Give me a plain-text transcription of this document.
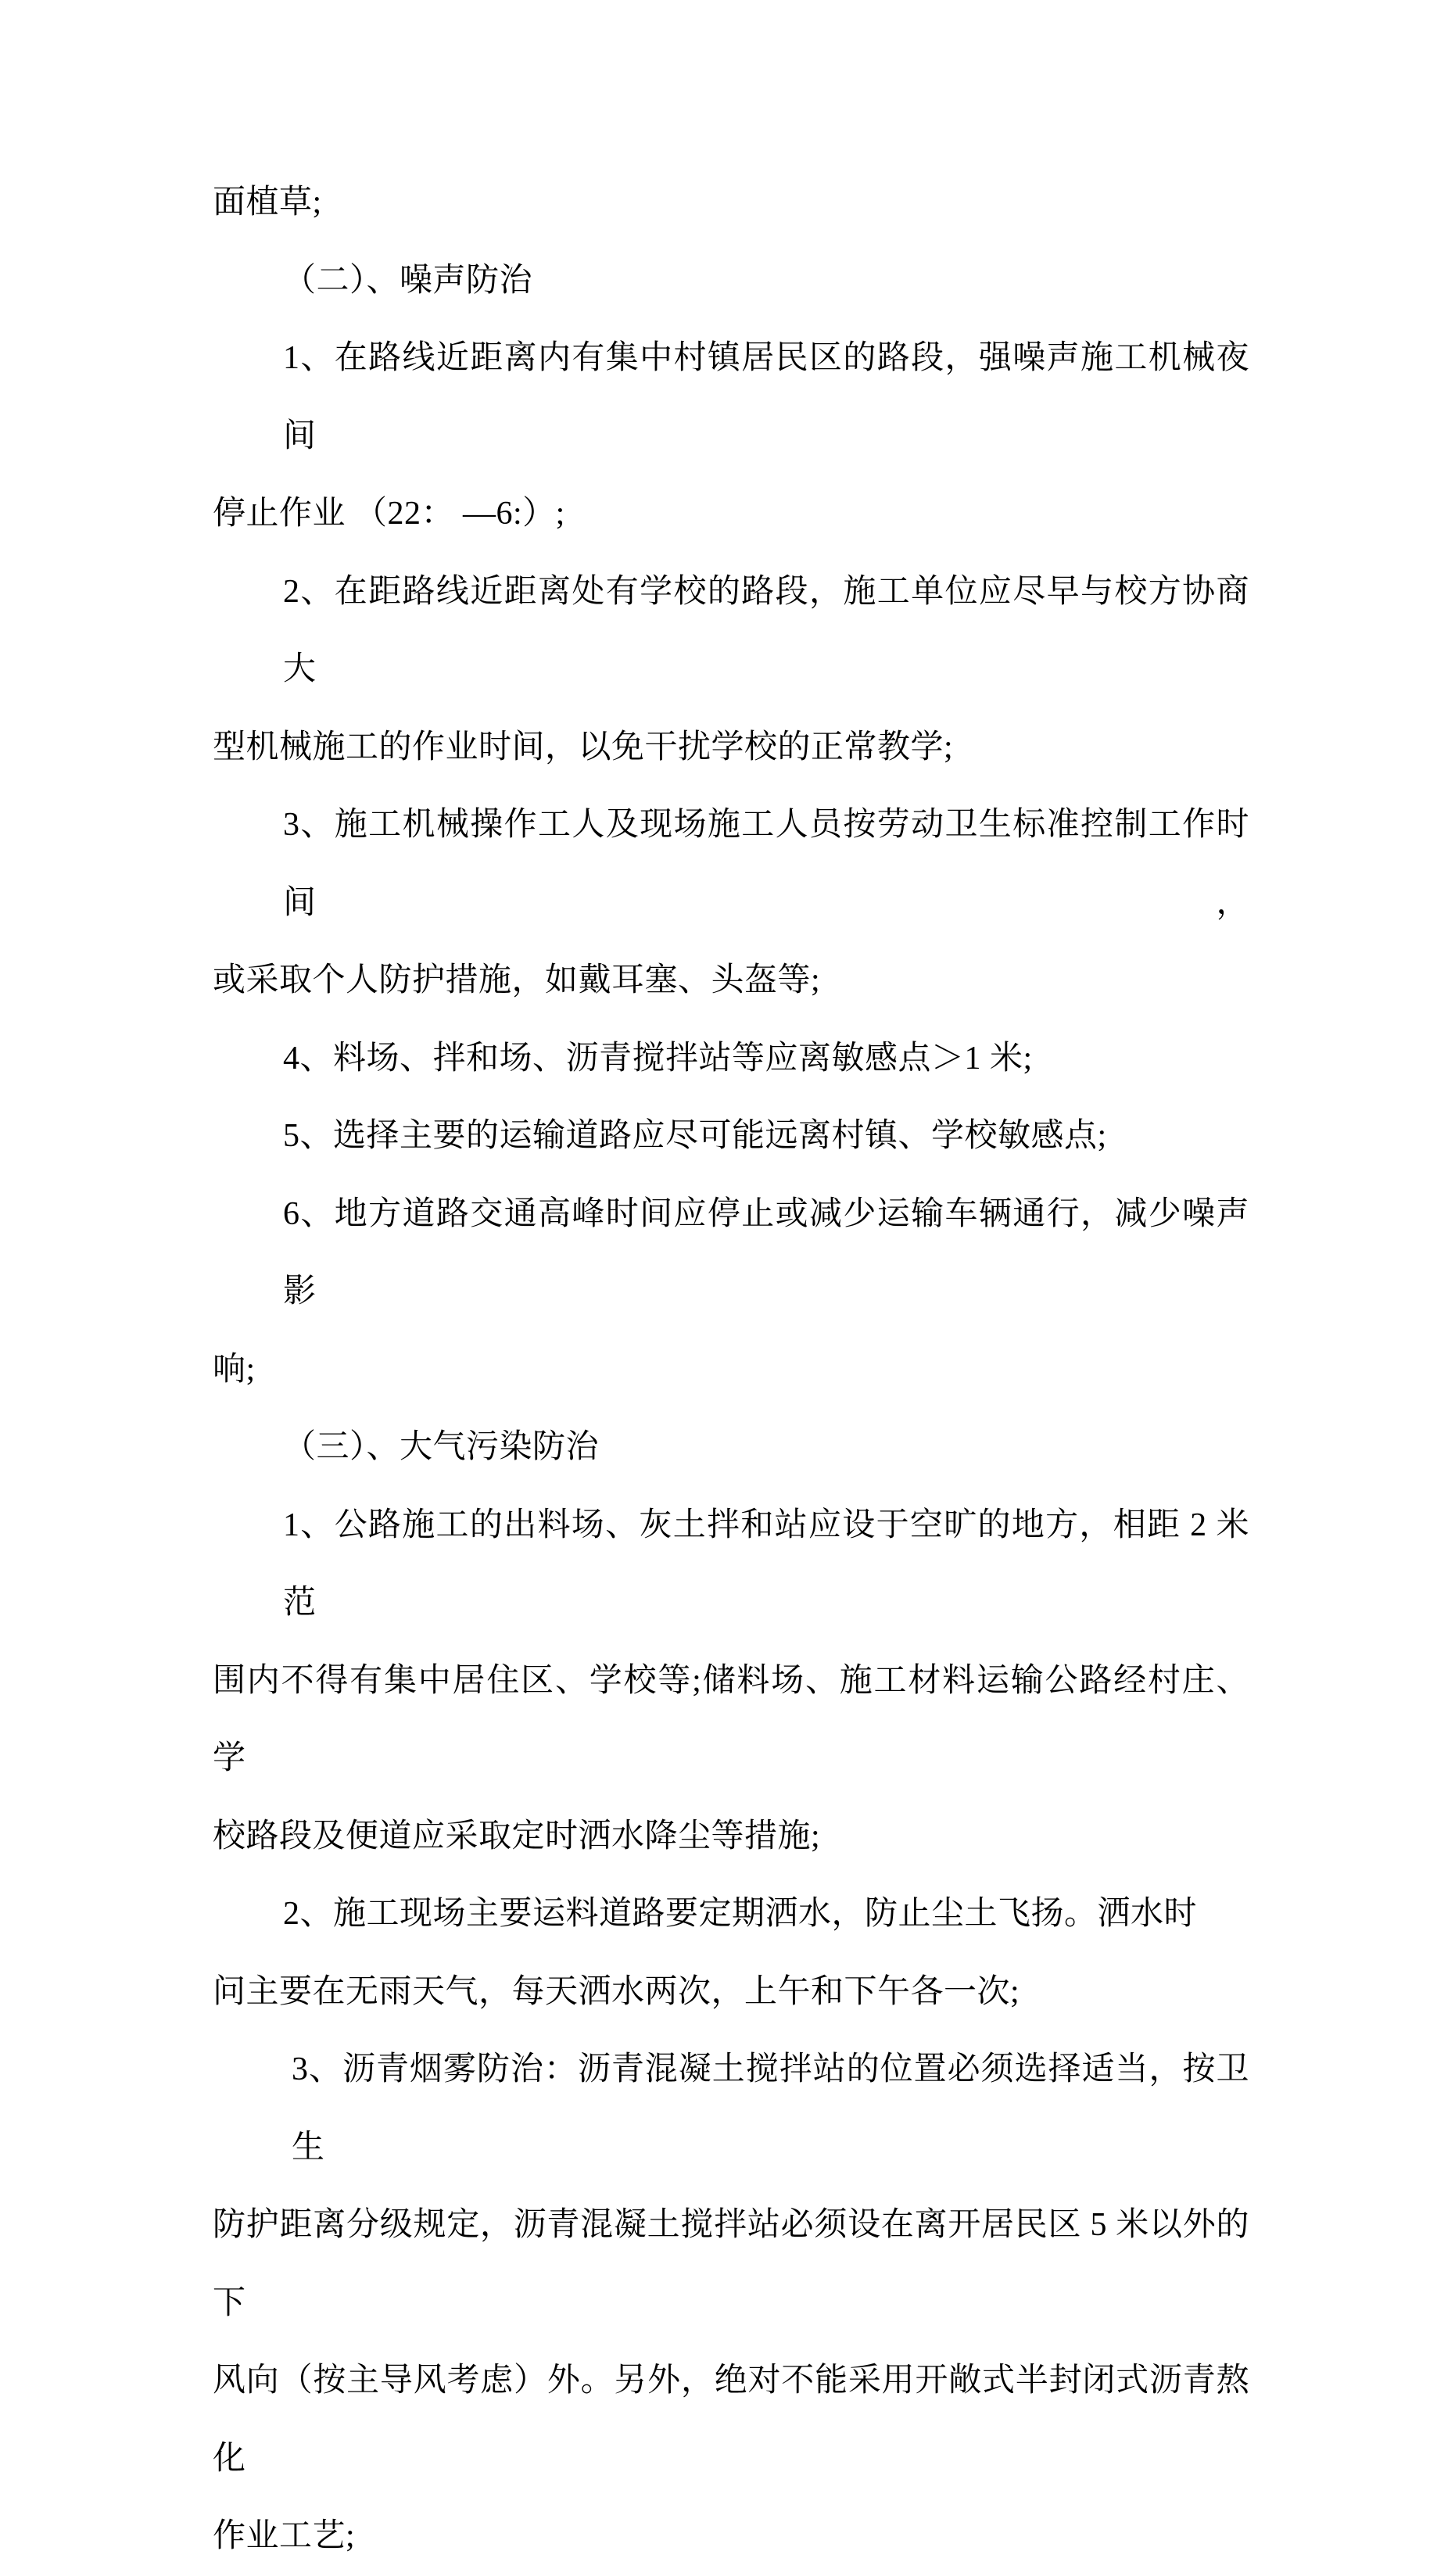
面植草;
（二）、噪声防治
1、在路线近距离内有集中村镇居民区的路段，强噪声施工机械夜间
停止作业 （22： —6:）;
2、在距路线近距离处有学校的路段，施工单位应尽早与校方协商大
型机械施工的作业时间，以免干扰学校的正常教学;
3、施工机械操作工人及现场施工人员按劳动卫生标准控制工作时间，
或采取个人防护措施，如戴耳塞、头盔等;
4、料场、拌和场、沥青搅拌站等应离敏感点＞1 米;
5、选择主要的运输道路应尽可能远离村镇、学校敏感点;
6、地方道路交通高峰时间应停止或减少运输车辆通行，减少噪声影
响;
（三）、大气污染防治
1、公路施工的出料场、灰土拌和站应设于空旷的地方，相距 2 米范
围内不得有集中居住区、学校等;储料场、施工材料运输公路经村庄、学
校路段及便道应采取定时洒水降尘等措施;
2、施工现场主要运料道路要定期洒水，防止尘土飞扬。洒水时
问主要在无雨天气，每天洒水两次，上午和下午各一次;
3、沥青烟雾防治：沥青混凝土搅拌站的位置必须选择适当，按卫生
防护距离分级规定，沥青混凝土搅拌站必须设在离开居民区 5 米以外的下
风向（按主导风考虑）外。另外，绝对不能采用开敞式半封闭式沥青熬化
作业工艺;
